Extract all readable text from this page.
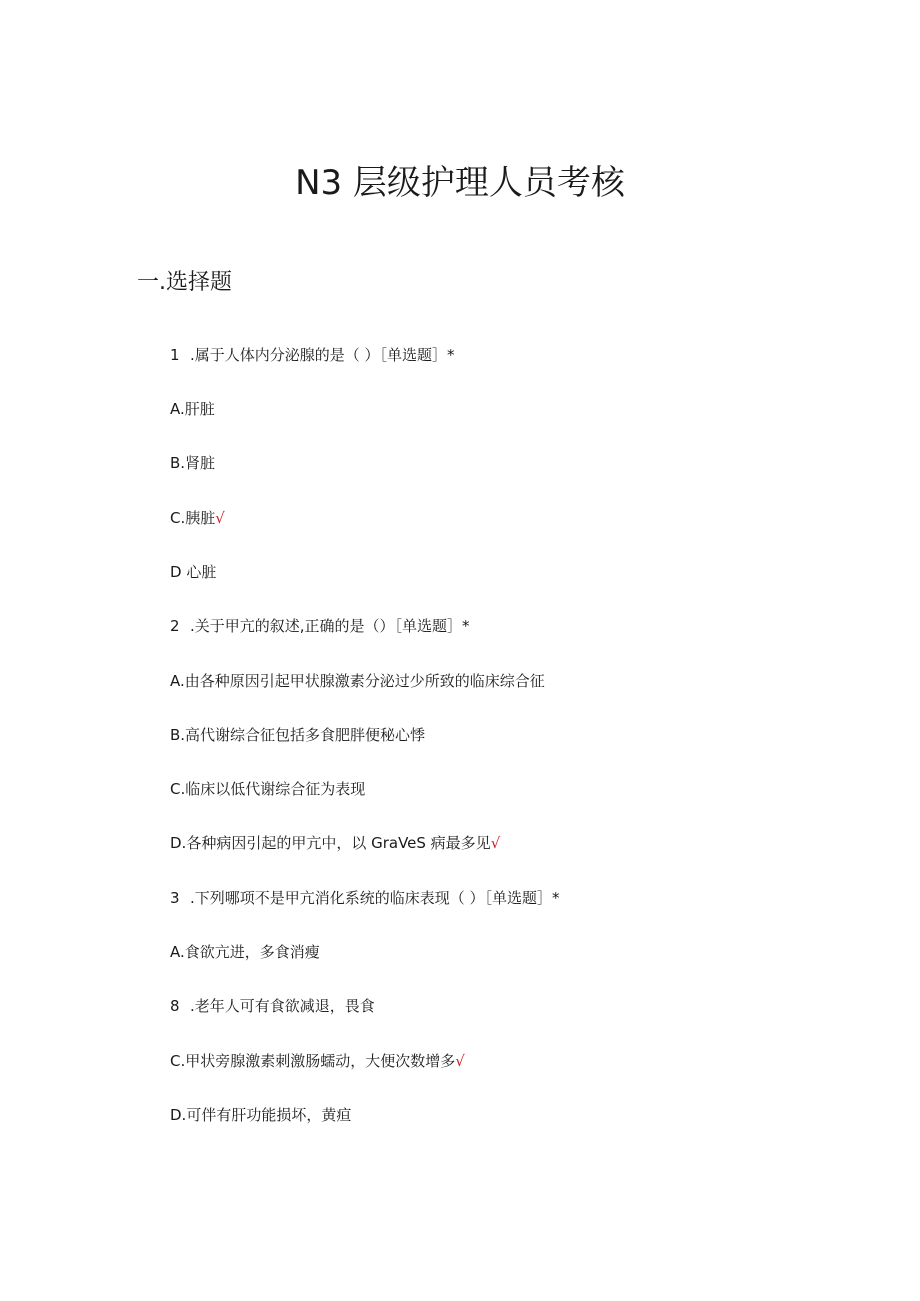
N3 层级护理人员考核
一.选择题
1 .属于人体内分泌腺的是（ ）［单选题］*
A.肝脏
B.肾脏
C.胰脏√
D 心脏
2 .关于甲亢的叙述,正确的是（）［单选题］*
A.由各种原因引起甲状腺激素分泌过少所致的临床综合征
B.高代谢综合征包括多食肥胖便秘心悸
C.临床以低代谢综合征为表现
D.各种病因引起的甲亢中，以 GraVeS 病最多见√
3 .下列哪项不是甲亢消化系统的临床表现（ ）［单选题］*
A.食欲亢进，多食消瘦
8 .老年人可有食欲减退，畏食
C.甲状旁腺激素刺激肠蠕动，大便次数增多√
D.可伴有肝功能损坏，黄疸
